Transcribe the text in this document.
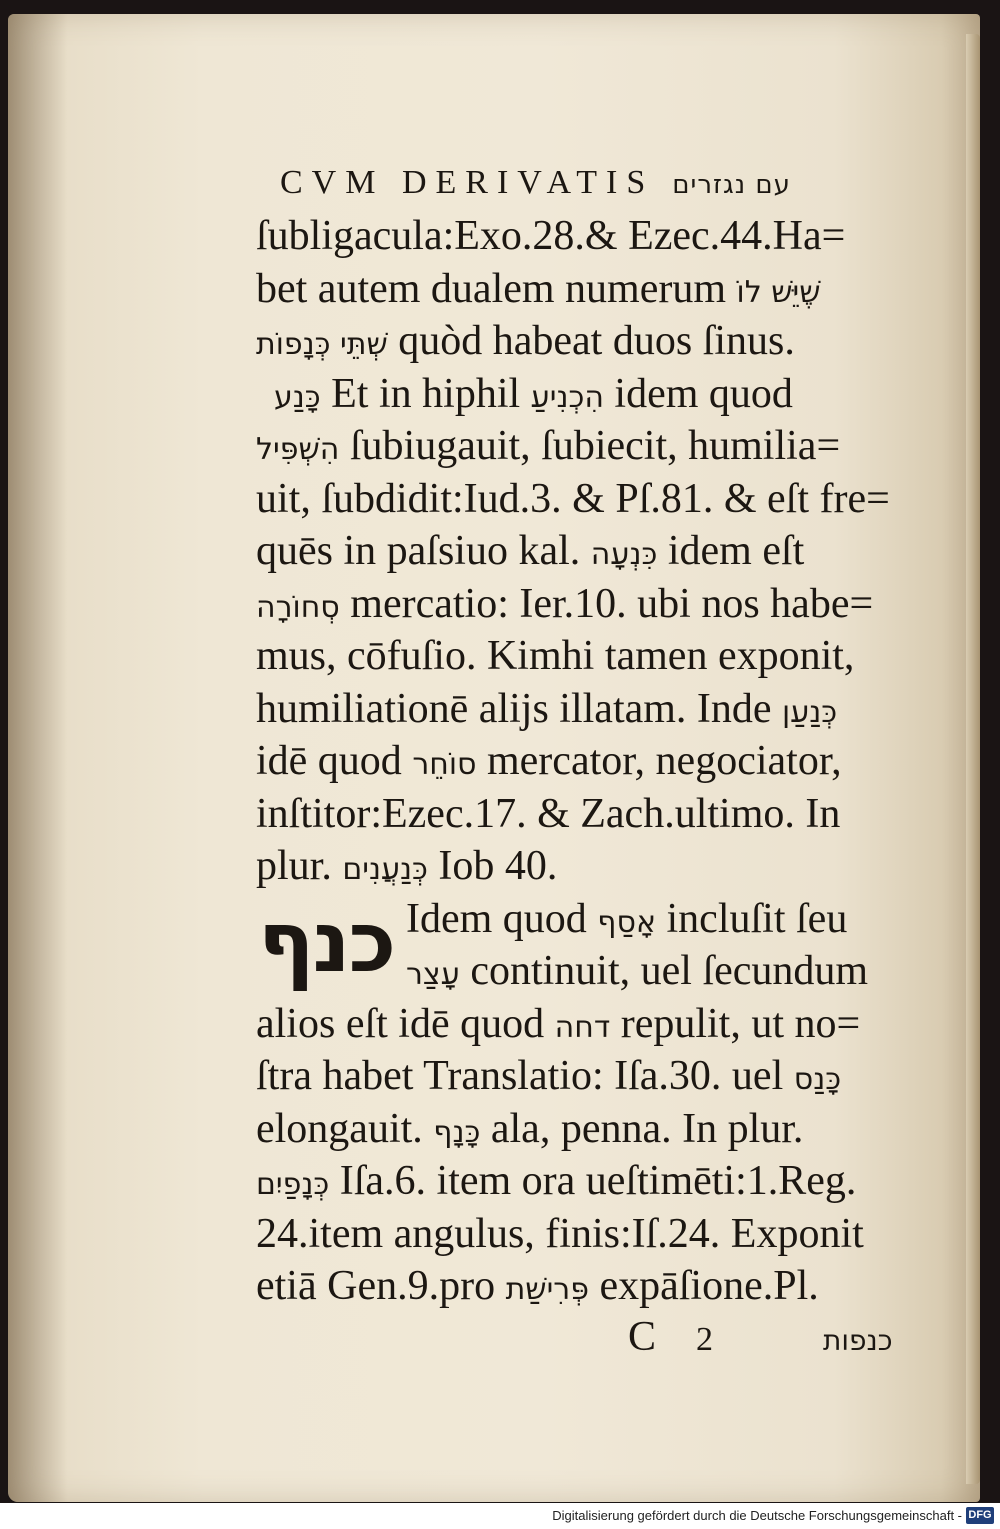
CVM DERIVATIS עם נגזרים
ſubligacula:Exo.28.& Ezec.44.Ha=
bet autem dualem numerum שֶׁיֵּשׁ לוֹ
שְׁתֵּי כְּנָפוֹת quòd habeat duos ſinus.
כָּנַע Et in hiphil הִכְנִיעַ idem quod
הִשְׁפִּיל ſubiugauit, ſubiecit, humilia=
uit, ſubdidit:Iud.3. & Pſ.81. & eſt fre=
quēs in paſsiuo kal. כִּנְעָה idem eſt
סְחוֹרָה mercatio: Ier.10. ubi nos habe=
mus, cōfuſio. Kimhi tamen exponit,
humiliationē alijs illatam. Inde כְּנַעַן
idē quod סוֹחֵר mercator, negociator,
inſtitor:Ezec.17. & Zach.ultimo. In
plur. כְּנַעֲנִים Iob 40.
כנף Idem quod אָסַף incluſit ſeu
עָצַר continuit, uel ſecundum
alios eſt idē quod דחה repulit, ut no=
ſtra habet Translatio: Iſa.30. uel כָּנַס
elongauit. כָּנָף ala, penna. In plur.
כְּנָפַיִם Iſa.6. item ora ueſtimēti:1.Reg.
24.item angulus, finis:Iſ.24. Exponit
etiā Gen.9.pro פְּרִישַׁת expāſione.Pl.
C 2	כנפות
Digitalisierung gefördert durch die Deutsche Forschungsgemeinschaft - DFG
